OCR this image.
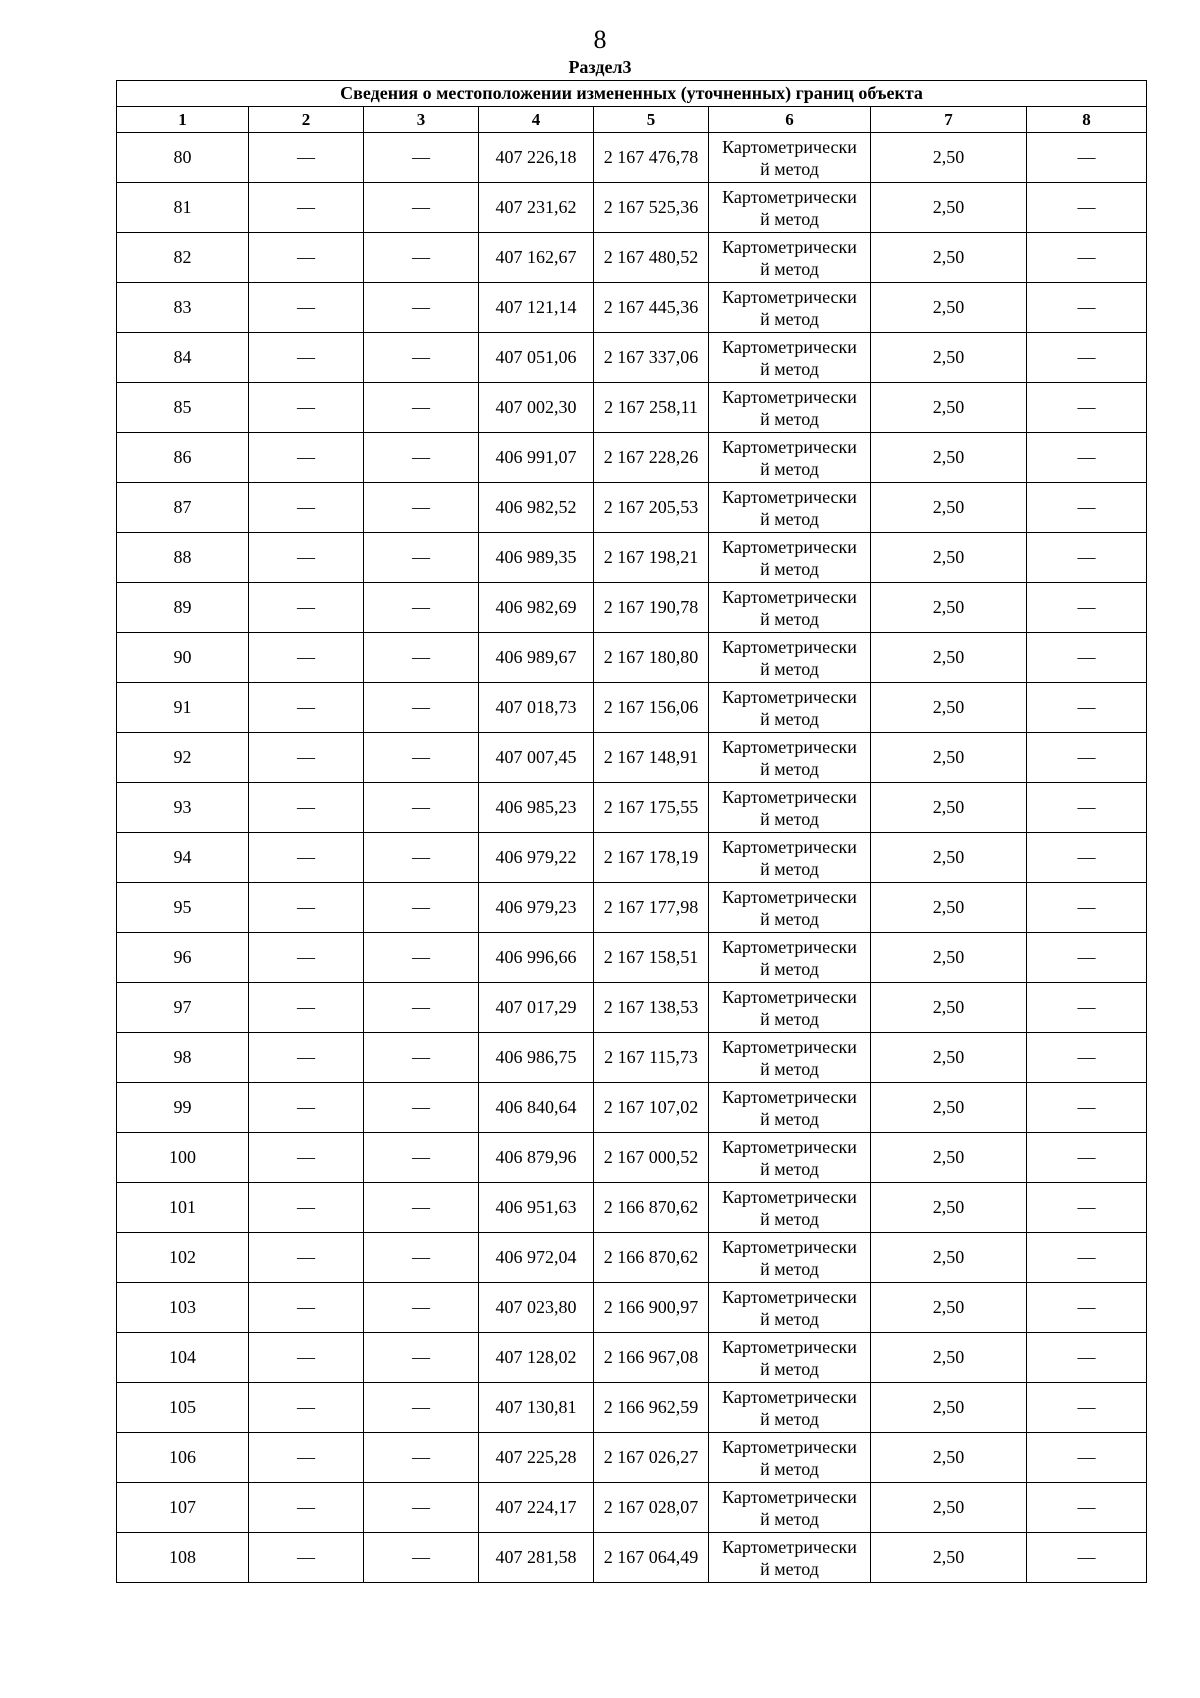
8
Раздел3
Сведения о местоположении измененных (уточненных) границ объекта							
1	2	3	4	5	6	7	8
80	—	—	407 226,18	2 167 476,78	Картометрически
й метод	2,50	—
81	—	—	407 231,62	2 167 525,36	Картометрически
й метод	2,50	—
82	—	—	407 162,67	2 167 480,52	Картометрически
й метод	2,50	—
83	—	—	407 121,14	2 167 445,36	Картометрически
й метод	2,50	—
84	—	—	407 051,06	2 167 337,06	Картометрически
й метод	2,50	—
85	—	—	407 002,30	2 167 258,11	Картометрически
й метод	2,50	—
86	—	—	406 991,07	2 167 228,26	Картометрически
й метод	2,50	—
87	—	—	406 982,52	2 167 205,53	Картометрически
й метод	2,50	—
88	—	—	406 989,35	2 167 198,21	Картометрически
й метод	2,50	—
89	—	—	406 982,69	2 167 190,78	Картометрически
й метод	2,50	—
90	—	—	406 989,67	2 167 180,80	Картометрически
й метод	2,50	—
91	—	—	407 018,73	2 167 156,06	Картометрически
й метод	2,50	—
92	—	—	407 007,45	2 167 148,91	Картометрически
й метод	2,50	—
93	—	—	406 985,23	2 167 175,55	Картометрически
й метод	2,50	—
94	—	—	406 979,22	2 167 178,19	Картометрически
й метод	2,50	—
95	—	—	406 979,23	2 167 177,98	Картометрически
й метод	2,50	—
96	—	—	406 996,66	2 167 158,51	Картометрически
й метод	2,50	—
97	—	—	407 017,29	2 167 138,53	Картометрически
й метод	2,50	—
98	—	—	406 986,75	2 167 115,73	Картометрически
й метод	2,50	—
99	—	—	406 840,64	2 167 107,02	Картометрически
й метод	2,50	—
100	—	—	406 879,96	2 167 000,52	Картометрически
й метод	2,50	—
101	—	—	406 951,63	2 166 870,62	Картометрически
й метод	2,50	—
102	—	—	406 972,04	2 166 870,62	Картометрически
й метод	2,50	—
103	—	—	407 023,80	2 166 900,97	Картометрически
й метод	2,50	—
104	—	—	407 128,02	2 166 967,08	Картометрически
й метод	2,50	—
105	—	—	407 130,81	2 166 962,59	Картометрически
й метод	2,50	—
106	—	—	407 225,28	2 167 026,27	Картометрически
й метод	2,50	—
107	—	—	407 224,17	2 167 028,07	Картометрически
й метод	2,50	—
108	—	—	407 281,58	2 167 064,49	Картометрически
й метод	2,50	—
